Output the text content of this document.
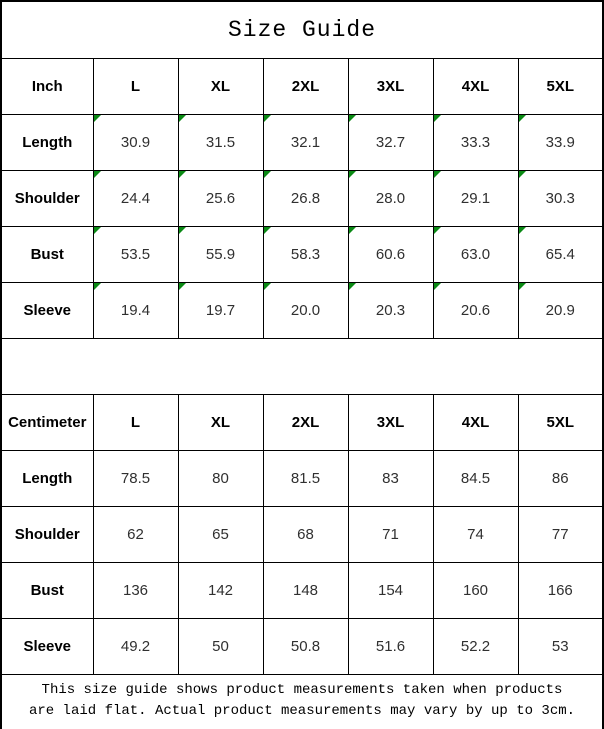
Size Guide						
Inch	L	XL	2XL	3XL	4XL	5XL
Length	30.9	31.5	32.1	32.7	33.3	33.9
Shoulder	24.4	25.6	26.8	28.0	29.1	30.3
Bust	53.5	55.9	58.3	60.6	63.0	65.4
Sleeve	19.4	19.7	20.0	20.3	20.6	20.9

Centimeter	L	XL	2XL	3XL	4XL	5XL
Length	78.5	80	81.5	83	84.5	86
Shoulder	62	65	68	71	74	77
Bust	136	142	148	154	160	166
Sleeve	49.2	50	50.8	51.6	52.2	53

This size guide shows product measurements taken when products
are laid flat. Actual product measurements may vary by up to 3cm.						
